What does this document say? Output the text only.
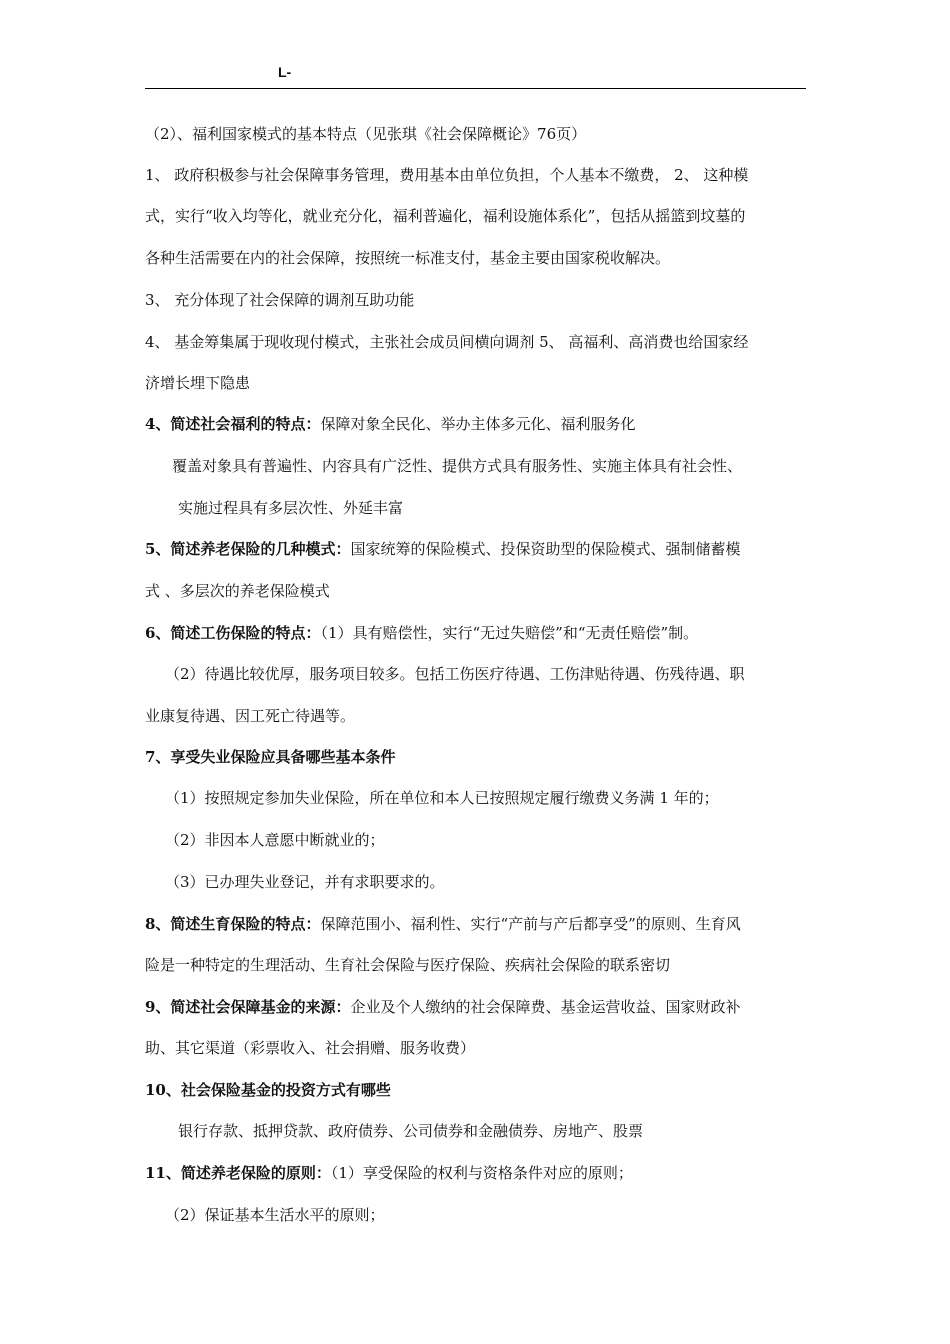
L-
（2）、福利国家模式的基本特点（见张琪《社会保障概论》76页）
1、 政府积极参与社会保障事务管理，费用基本由单位负担，个人基本不缴费， 2、 这种模
式，实行“收入均等化，就业充分化，福利普遍化，福利设施体系化”，包括从摇篮到坟墓的
各种生活需要在内的社会保障，按照统一标准支付，基金主要由国家税收解决。
3、 充分体现了社会保障的调剂互助功能
4、 基金筹集属于现收现付模式，主张社会成员间横向调剂 5、 高福利、高消费也给国家经
济增长埋下隐患
4、简述社会福利的特点：保障对象全民化、举办主体多元化、福利服务化
覆盖对象具有普遍性、内容具有广泛性、提供方式具有服务性、实施主体具有社会性、
实施过程具有多层次性、外延丰富
5、简述养老保险的几种模式：国家统筹的保险模式、投保资助型的保险模式、强制储蓄模
式 、多层次的养老保险模式
6、简述工伤保险的特点：（1）具有赔偿性，实行“无过失赔偿”和“无责任赔偿”制。
（2）待遇比较优厚，服务项目较多。包括工伤医疗待遇、工伤津贴待遇、伤残待遇、职
业康复待遇、因工死亡待遇等。
7、享受失业保险应具备哪些基本条件
（1）按照规定参加失业保险，所在单位和本人已按照规定履行缴费义务满 1 年的；
（2）非因本人意愿中断就业的；
（3）已办理失业登记，并有求职要求的。
8、简述生育保险的特点：保障范围小、福利性、实行“产前与产后都享受”的原则、生育风
险是一种特定的生理活动、生育社会保险与医疗保险、疾病社会保险的联系密切
9、简述社会保障基金的来源：企业及个人缴纳的社会保障费、基金运营收益、国家财政补
助、其它渠道（彩票收入、社会捐赠、服务收费）
10、社会保险基金的投资方式有哪些
银行存款、抵押贷款、政府债券、公司债券和金融债券、房地产、股票
11、简述养老保险的原则：（1）享受保险的权利与资格条件对应的原则；
（2）保证基本生活水平的原则；
